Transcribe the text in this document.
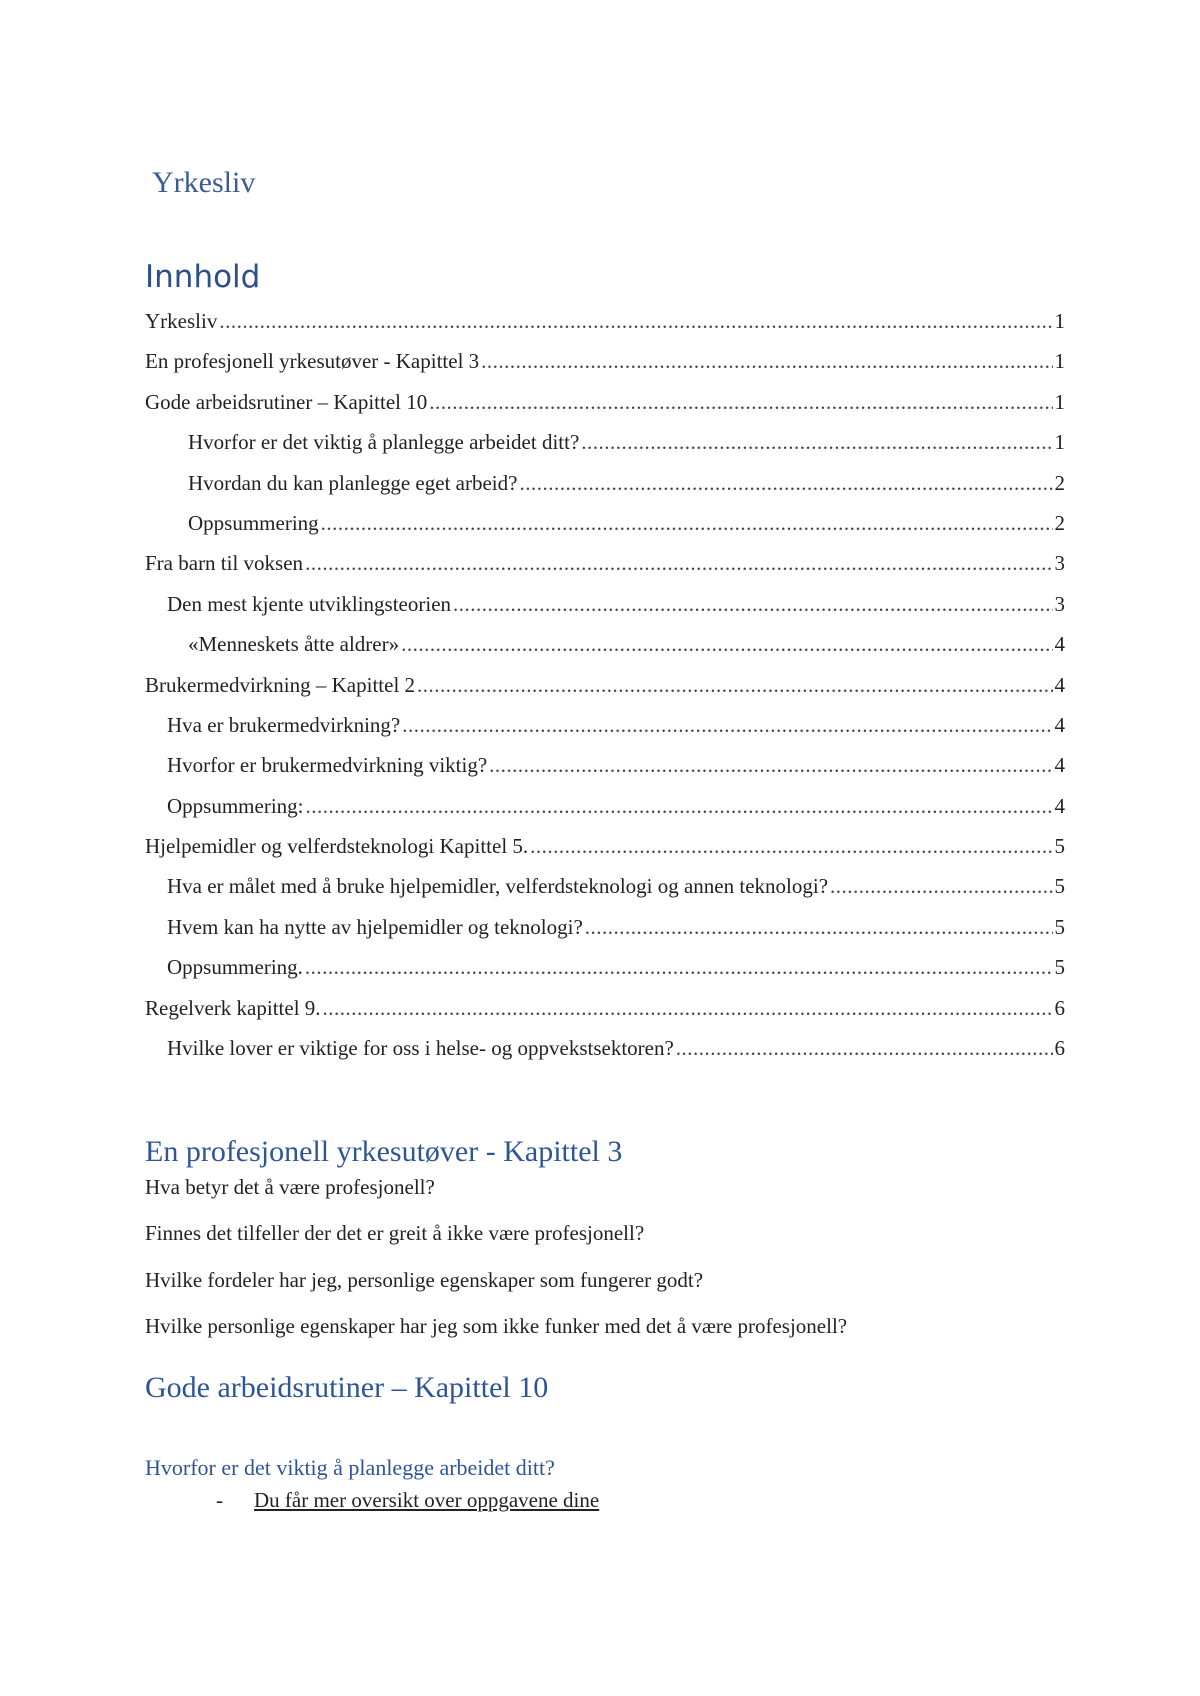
Yrkesliv
Innhold
Yrkesliv .....	1
En profesjonell yrkesutøver - Kapittel 3 .....	1
Gode arbeidsrutiner – Kapittel 10 .....	1
Hvorfor er det viktig å planlegge arbeidet ditt? .....	1
Hvordan du kan planlegge eget arbeid? .....	2
Oppsummering .....	2
Fra barn til voksen .....	3
Den mest kjente utviklingsteorien .....	3
«Menneskets åtte aldrer» .....	4
Brukermedvirkning – Kapittel 2 .....	4
Hva er brukermedvirkning? .....	4
Hvorfor er brukermedvirkning viktig? .....	4
Oppsummering: .....	4
Hjelpemidler og velferdsteknologi Kapittel 5. .....	5
Hva er målet med å bruke hjelpemidler, velferdsteknologi og annen teknologi? .....	5
Hvem kan ha nytte av hjelpemidler og teknologi? .....	5
Oppsummering. .....	5
Regelverk kapittel 9. .....	6
Hvilke lover er viktige for oss i helse- og oppvekstsektoren? .....	6
En profesjonell yrkesutøver - Kapittel 3
Hva betyr det å være profesjonell?
Finnes det tilfeller der det er greit å ikke være profesjonell?
Hvilke fordeler har jeg, personlige egenskaper som fungerer godt?
Hvilke personlige egenskaper har jeg som ikke funker med det å være profesjonell?
Gode arbeidsrutiner – Kapittel 10
Hvorfor er det viktig å planlegge arbeidet ditt?
-	Du får mer oversikt over oppgavene dine
